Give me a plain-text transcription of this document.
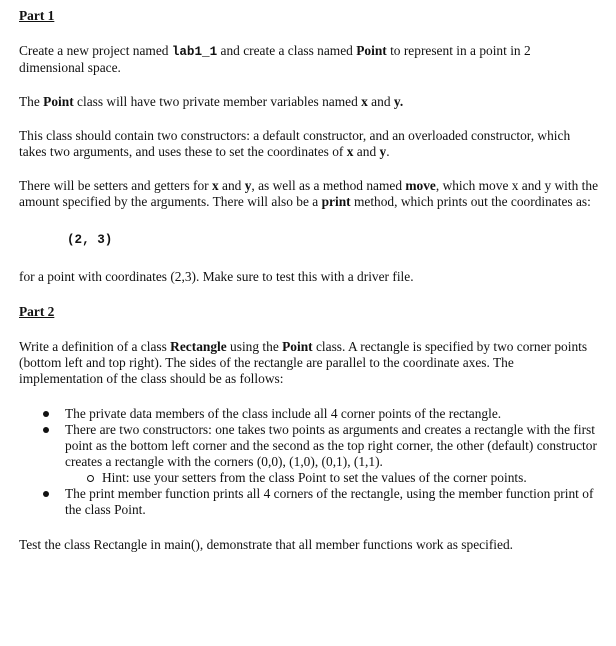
Part 1

Create a new project named lab1_1 and create a class named Point to represent in a point in 2 dimensional space.

The Point class will have two private member variables named x and y.

This class should contain two constructors: a default constructor, and an overloaded constructor, which takes two arguments, and uses these to set the coordinates of x and y.

There will be setters and getters for x and y, as well as a method named move, which move x and y with the amount specified by the arguments. There will also be a print method, which prints out the coordinates as:

(2, 3)

for a point with coordinates (2,3). Make sure to test this with a driver file.

Part 2

Write a definition of a class Rectangle using the Point class. A rectangle is specified by two corner points (bottom left and top right). The sides of the rectangle are parallel to the coordinate axes. The implementation of the class should be as follows:

The private data members of the class include all 4 corner points of the rectangle.
There are two constructors: one takes two points as arguments and creates a rectangle with the first point as the bottom left corner and the second as the top right corner, the other (default) constructor creates a rectangle with the corners (0,0), (1,0), (0,1), (1,1).
Hint: use your setters from the class Point to set the values of the corner points.
The print member function prints all 4 corners of the rectangle, using the member function print of the class Point.

Test the class Rectangle in main(), demonstrate that all member functions work as specified.
